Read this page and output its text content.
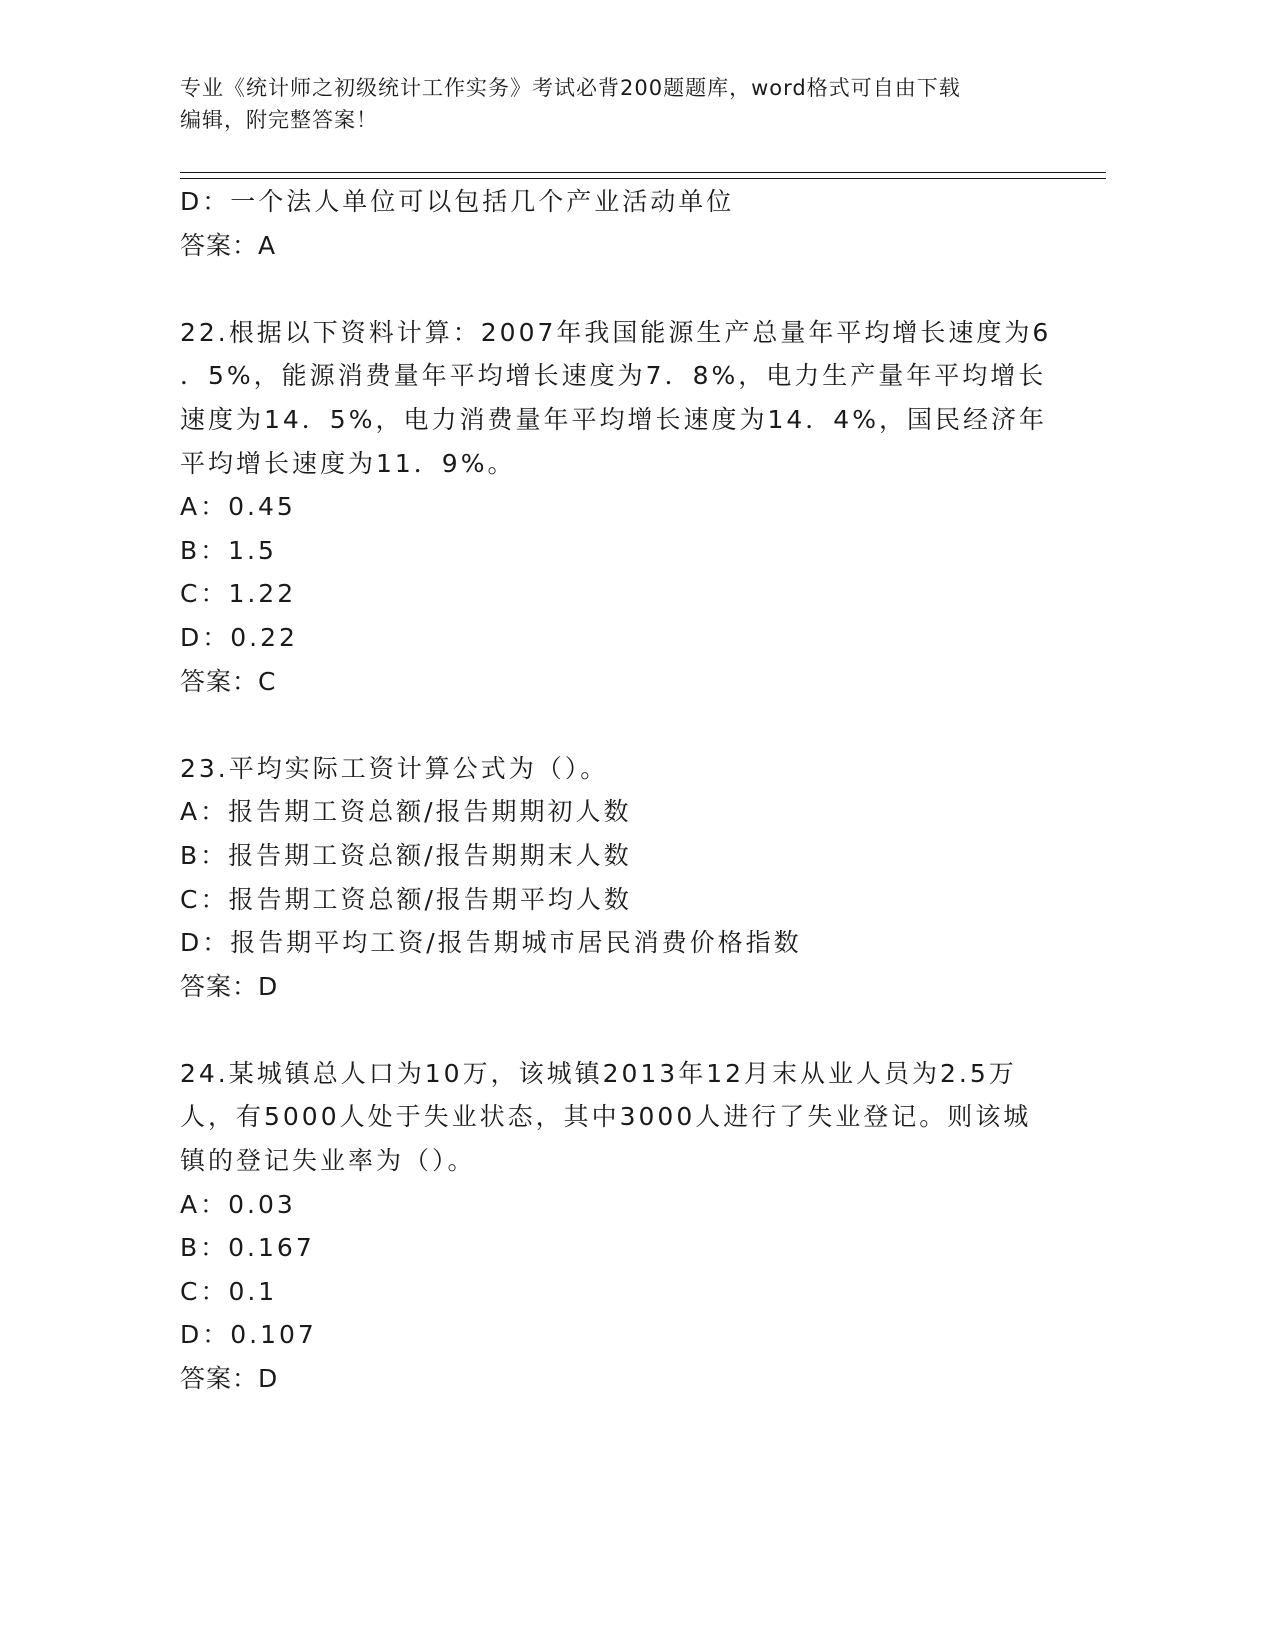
专业《统计师之初级统计工作实务》考试必背200题题库，word格式可自由下载
编辑，附完整答案！
D：一个法人单位可以包括几个产业活动单位
答案：A
22.根据以下资料计算：2007年我国能源生产总量年平均增长速度为6
．5%，能源消费量年平均增长速度为7．8%，电力生产量年平均增长
速度为14．5%，电力消费量年平均增长速度为14．4%，国民经济年
平均增长速度为11．9%。
A：0.45
B：1.5
C：1.22
D：0.22
答案：C
23.平均实际工资计算公式为（）。
A：报告期工资总额/报告期期初人数
B：报告期工资总额/报告期期末人数
C：报告期工资总额/报告期平均人数
D：报告期平均工资/报告期城市居民消费价格指数
答案：D
24.某城镇总人口为10万，该城镇2013年12月末从业人员为2.5万
人，有5000人处于失业状态，其中3000人进行了失业登记。则该城
镇的登记失业率为（）。
A：0.03
B：0.167
C：0.1
D：0.107
答案：D
